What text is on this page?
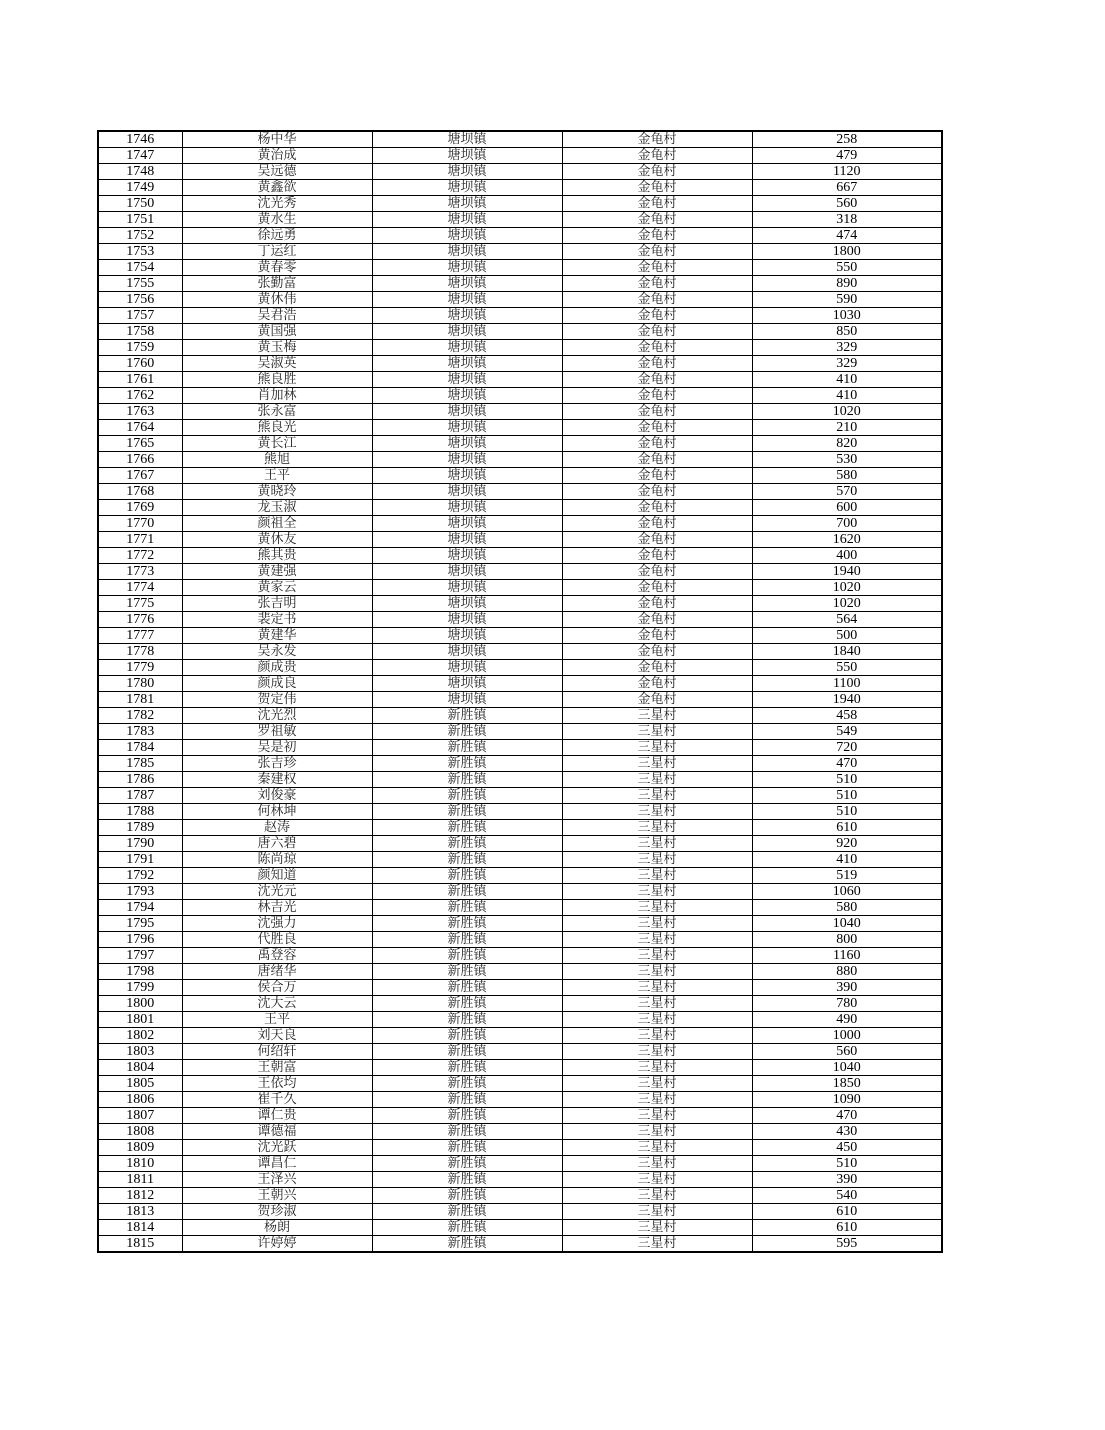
1746	杨中华	塘坝镇	金龟村	258
1747	黄治成	塘坝镇	金龟村	479
1748	吴远德	塘坝镇	金龟村	1120
1749	黄鑫欲	塘坝镇	金龟村	667
1750	沈光秀	塘坝镇	金龟村	560
1751	黄水生	塘坝镇	金龟村	318
1752	徐远勇	塘坝镇	金龟村	474
1753	丁运红	塘坝镇	金龟村	1800
1754	黄春零	塘坝镇	金龟村	550
1755	张勤富	塘坝镇	金龟村	890
1756	黄休伟	塘坝镇	金龟村	590
1757	吴君浩	塘坝镇	金龟村	1030
1758	黄国强	塘坝镇	金龟村	850
1759	黄玉梅	塘坝镇	金龟村	329
1760	吴淑英	塘坝镇	金龟村	329
1761	熊良胜	塘坝镇	金龟村	410
1762	肖加林	塘坝镇	金龟村	410
1763	张永富	塘坝镇	金龟村	1020
1764	熊良光	塘坝镇	金龟村	210
1765	黄长江	塘坝镇	金龟村	820
1766	熊旭	塘坝镇	金龟村	530
1767	王平	塘坝镇	金龟村	580
1768	黄晓玲	塘坝镇	金龟村	570
1769	龙玉淑	塘坝镇	金龟村	600
1770	颜祖全	塘坝镇	金龟村	700
1771	黄休友	塘坝镇	金龟村	1620
1772	熊其贵	塘坝镇	金龟村	400
1773	黄建强	塘坝镇	金龟村	1940
1774	黄家云	塘坝镇	金龟村	1020
1775	张吉明	塘坝镇	金龟村	1020
1776	裴定书	塘坝镇	金龟村	564
1777	黄建华	塘坝镇	金龟村	500
1778	吴永发	塘坝镇	金龟村	1840
1779	颜成贵	塘坝镇	金龟村	550
1780	颜成良	塘坝镇	金龟村	1100
1781	贺定伟	塘坝镇	金龟村	1940
1782	沈光烈	新胜镇	三星村	458
1783	罗祖敏	新胜镇	三星村	549
1784	吴是初	新胜镇	三星村	720
1785	张吉珍	新胜镇	三星村	470
1786	秦建权	新胜镇	三星村	510
1787	刘俊豪	新胜镇	三星村	510
1788	何林坤	新胜镇	三星村	510
1789	赵涛	新胜镇	三星村	610
1790	唐六碧	新胜镇	三星村	920
1791	陈尚琼	新胜镇	三星村	410
1792	颜知道	新胜镇	三星村	519
1793	沈光元	新胜镇	三星村	1060
1794	林吉光	新胜镇	三星村	580
1795	沈强力	新胜镇	三星村	1040
1796	代胜良	新胜镇	三星村	800
1797	禹登容	新胜镇	三星村	1160
1798	唐绪华	新胜镇	三星村	880
1799	侯合万	新胜镇	三星村	390
1800	沈大云	新胜镇	三星村	780
1801	王平	新胜镇	三星村	490
1802	刘天良	新胜镇	三星村	1000
1803	何绍轩	新胜镇	三星村	560
1804	王朝富	新胜镇	三星村	1040
1805	王依均	新胜镇	三星村	1850
1806	崔千久	新胜镇	三星村	1090
1807	谭仁贵	新胜镇	三星村	470
1808	谭德福	新胜镇	三星村	430
1809	沈光跃	新胜镇	三星村	450
1810	谭昌仁	新胜镇	三星村	510
1811	王泽兴	新胜镇	三星村	390
1812	王朝兴	新胜镇	三星村	540
1813	贺珍淑	新胜镇	三星村	610
1814	杨朗	新胜镇	三星村	610
1815	许婷婷	新胜镇	三星村	595
